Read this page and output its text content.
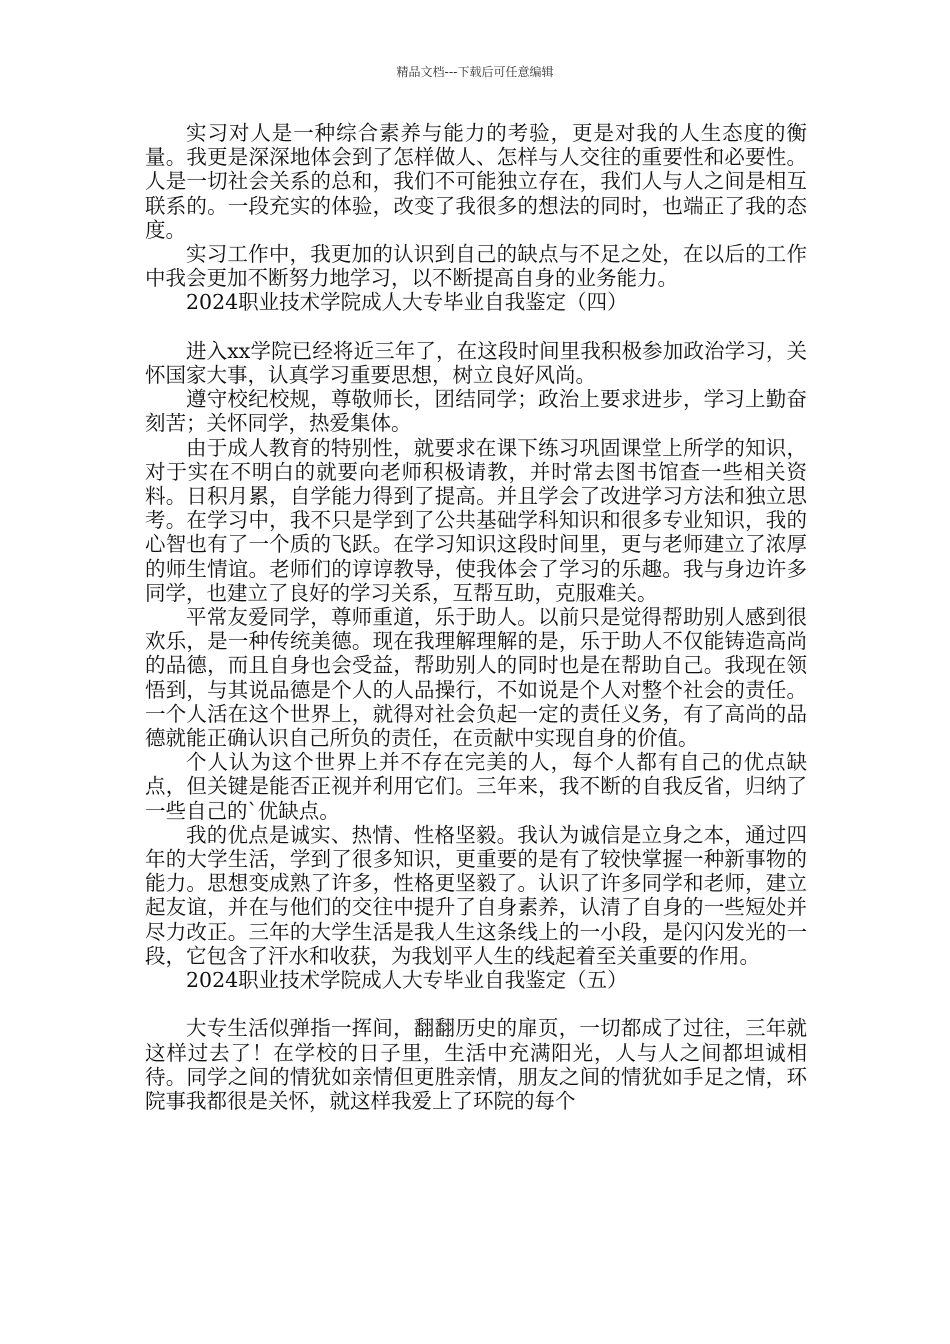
精品文档---下载后可任意编辑

实习对人是一种综合素养与能力的考验，更是对我的人生态度的衡量。我更是深深地体会到了怎样做人、怎样与人交往的重要性和必要性。人是一切社会关系的总和，我们不可能独立存在，我们人与人之间是相互联系的。一段充实的体验，改变了我很多的想法的同时，也端正了我的态度。

实习工作中，我更加的认识到自己的缺点与不足之处，在以后的工作中我会更加不断努力地学习，以不断提高自身的业务能力。

2024职业技术学院成人大专毕业自我鉴定（四）

进入xx学院已经将近三年了，在这段时间里我积极参加政治学习，关怀国家大事，认真学习重要思想，树立良好风尚。

遵守校纪校规，尊敬师长，团结同学；政治上要求进步，学习上勤奋刻苦；关怀同学，热爱集体。

由于成人教育的特别性，就要求在课下练习巩固课堂上所学的知识，对于实在不明白的就要向老师积极请教，并时常去图书馆查一些相关资料。日积月累，自学能力得到了提高。并且学会了改进学习方法和独立思考。在学习中，我不只是学到了公共基础学科知识和很多专业知识，我的心智也有了一个质的飞跃。在学习知识这段时间里，更与老师建立了浓厚的师生情谊。老师们的谆谆教导，使我体会了学习的乐趣。我与身边许多同学，也建立了良好的学习关系，互帮互助，克服难关。

平常友爱同学，尊师重道，乐于助人。以前只是觉得帮助别人感到很欢乐，是一种传统美德。现在我理解理解的是，乐于助人不仅能铸造高尚的品德，而且自身也会受益，帮助别人的同时也是在帮助自己。我现在领悟到，与其说品德是个人的人品操行，不如说是个人对整个社会的责任。一个人活在这个世界上，就得对社会负起一定的责任义务，有了高尚的品德就能正确认识自己所负的责任，在贡献中实现自身的价值。

个人认为这个世界上并不存在完美的人，每个人都有自己的优点缺点，但关键是能否正视并利用它们。三年来，我不断的自我反省，归纳了一些自己的`优缺点。

我的优点是诚实、热情、性格坚毅。我认为诚信是立身之本，通过四年的大学生活，学到了很多知识，更重要的是有了较快掌握一种新事物的能力。思想变成熟了许多，性格更坚毅了。认识了许多同学和老师，建立起友谊，并在与他们的交往中提升了自身素养，认清了自身的一些短处并尽力改正。三年的大学生活是我人生这条线上的一小段，是闪闪发光的一段，它包含了汗水和收获，为我划平人生的线起着至关重要的作用。

2024职业技术学院成人大专毕业自我鉴定（五）

大专生活似弹指一挥间，翻翻历史的扉页，一切都成了过往，三年就这样过去了！在学校的日子里，生活中充满阳光，人与人之间都坦诚相待。同学之间的情犹如亲情但更胜亲情，朋友之间的情犹如手足之情，环院事我都很是关怀，就这样我爱上了环院的每个
